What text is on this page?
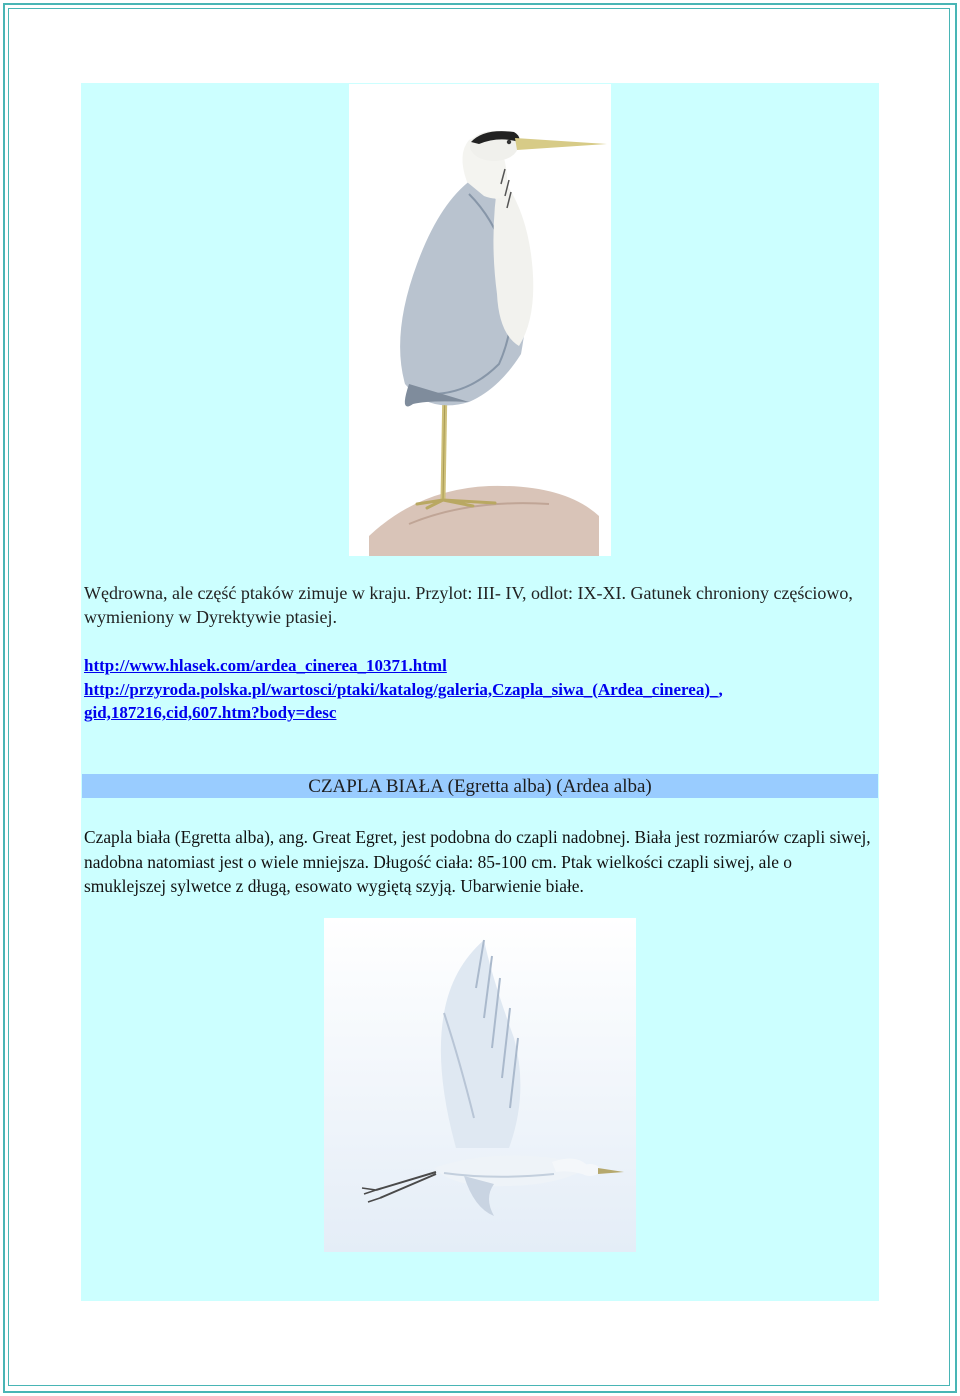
Wędrowna, ale część ptaków zimuje w kraju. Przylot: III- IV, odlot: IX-XI. Gatunek chroniony częściowo, wymieniony w Dyrektywie ptasiej.

http://www.hlasek.com/ardea_cinerea_10371.html
http://przyroda.polska.pl/wartosci/ptaki/katalog/galeria,Czapla_siwa_(Ardea_cinerea)_,
gid,187216,cid,607.htm?body=desc
CZAPLA BIAŁA (Egretta alba) (Ardea alba)

Czapla biała (Egretta alba), ang. Great Egret, jest podobna do czapli nadobnej. Biała jest rozmiarów czapli siwej, nadobna natomiast jest o wiele mniejsza. Długość ciała: 85-100 cm. Ptak wielkości czapli siwej, ale o smuklejszej sylwetce z długą, esowato wygiętą szyją. Ubarwienie białe.
